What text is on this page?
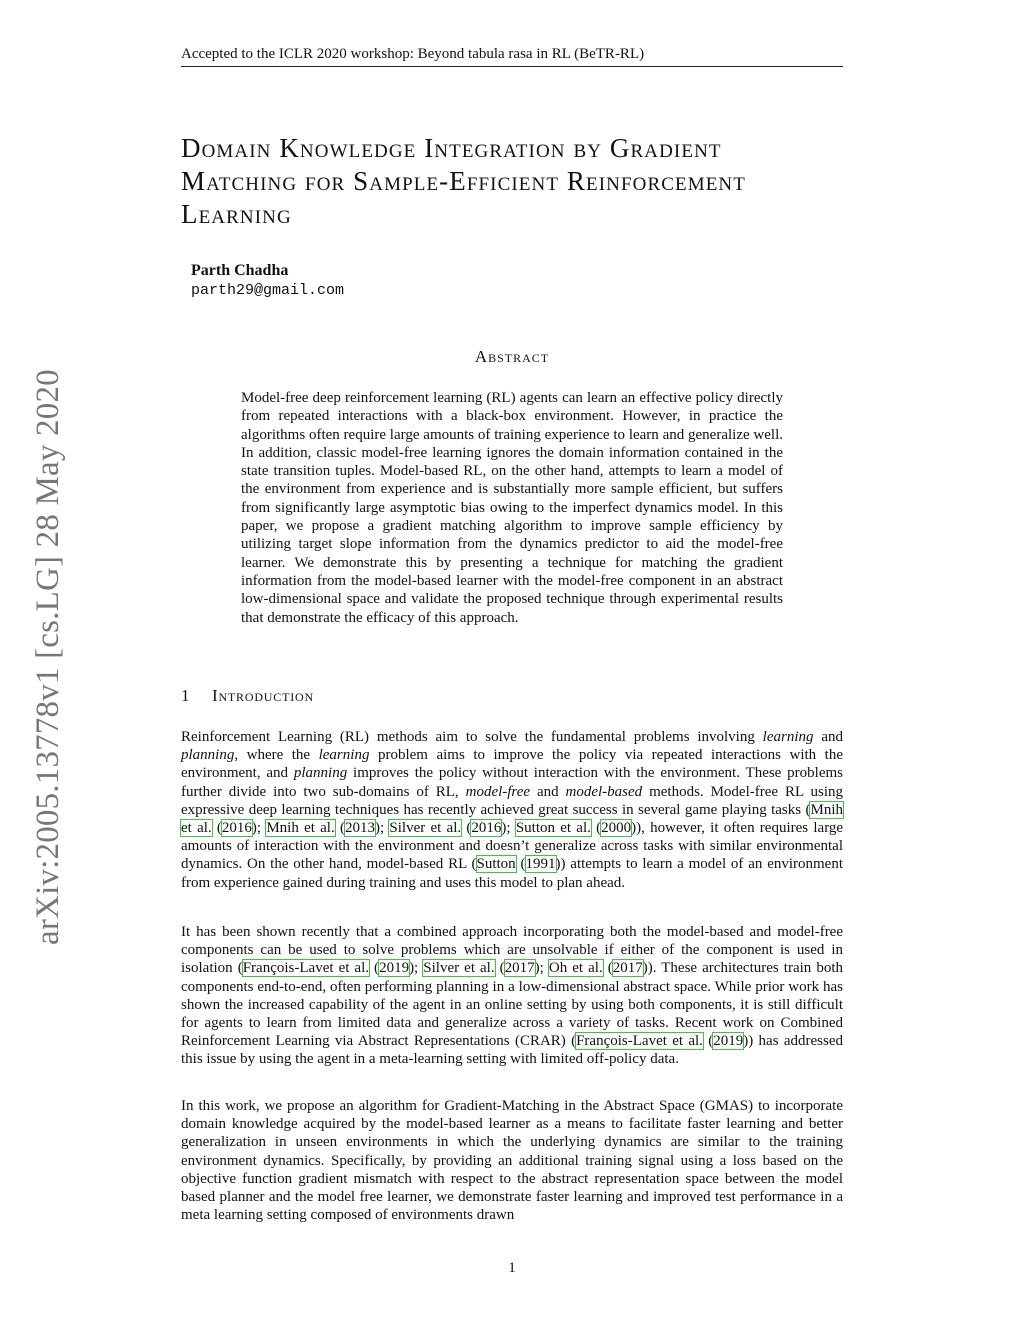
Accepted to the ICLR 2020 workshop: Beyond tabula rasa in RL (BeTR-RL)
arXiv:2005.13778v1 [cs.LG] 28 May 2020
Domain Knowledge Integration by Gradient
Matching for Sample-Efficient Reinforcement
Learning
Parth Chadha
parth29@gmail.com
Abstract

Model-free deep reinforcement learning (RL) agents can learn an effective policy directly from repeated interactions with a black-box environment. However, in practice the algorithms often require large amounts of training experience to learn and generalize well. In addition, classic model-free learning ignores the domain information contained in the state transition tuples. Model-based RL, on the other hand, attempts to learn a model of the environment from experience and is substantially more sample efficient, but suffers from significantly large asymptotic bias owing to the imperfect dynamics model. In this paper, we propose a gradient matching algorithm to improve sample efficiency by utilizing target slope information from the dynamics predictor to aid the model-free learner. We demonstrate this by presenting a technique for matching the gradient information from the model-based learner with the model-free component in an abstract low-dimensional space and validate the proposed technique through experimental results that demonstrate the efficacy of this approach.

1 Introduction

Reinforcement Learning (RL) methods aim to solve the fundamental problems involving learning and planning, where the learning problem aims to improve the policy via repeated interactions with the environment, and planning improves the policy without interaction with the environment. These problems further divide into two sub-domains of RL, model-free and model-based methods. Model-free RL using expressive deep learning techniques has recently achieved great success in several game playing tasks (Mnih et al. (2016); Mnih et al. (2013); Silver et al. (2016); Sutton et al. (2000)), however, it often requires large amounts of interaction with the environment and doesn’t generalize across tasks with similar environmental dynamics. On the other hand, model-based RL (Sutton (1991)) attempts to learn a model of an environment from experience gained during training and uses this model to plan ahead.

It has been shown recently that a combined approach incorporating both the model-based and model-free components can be used to solve problems which are unsolvable if either of the component is used in isolation (François-Lavet et al. (2019); Silver et al. (2017); Oh et al. (2017)). These architectures train both components end-to-end, often performing planning in a low-dimensional abstract space. While prior work has shown the increased capability of the agent in an online setting by using both components, it is still difficult for agents to learn from limited data and generalize across a variety of tasks. Recent work on Combined Reinforcement Learning via Abstract Representations (CRAR) (François-Lavet et al. (2019)) has addressed this issue by using the agent in a meta-learning setting with limited off-policy data.

In this work, we propose an algorithm for Gradient-Matching in the Abstract Space (GMAS) to incorporate domain knowledge acquired by the model-based learner as a means to facilitate faster learning and better generalization in unseen environments in which the underlying dynamics are similar to the training environment dynamics. Specifically, by providing an additional training signal using a loss based on the objective function gradient mismatch with respect to the abstract representation space between the model based planner and the model free learner, we demonstrate faster learning and improved test performance in a meta learning setting composed of environments drawn

1
